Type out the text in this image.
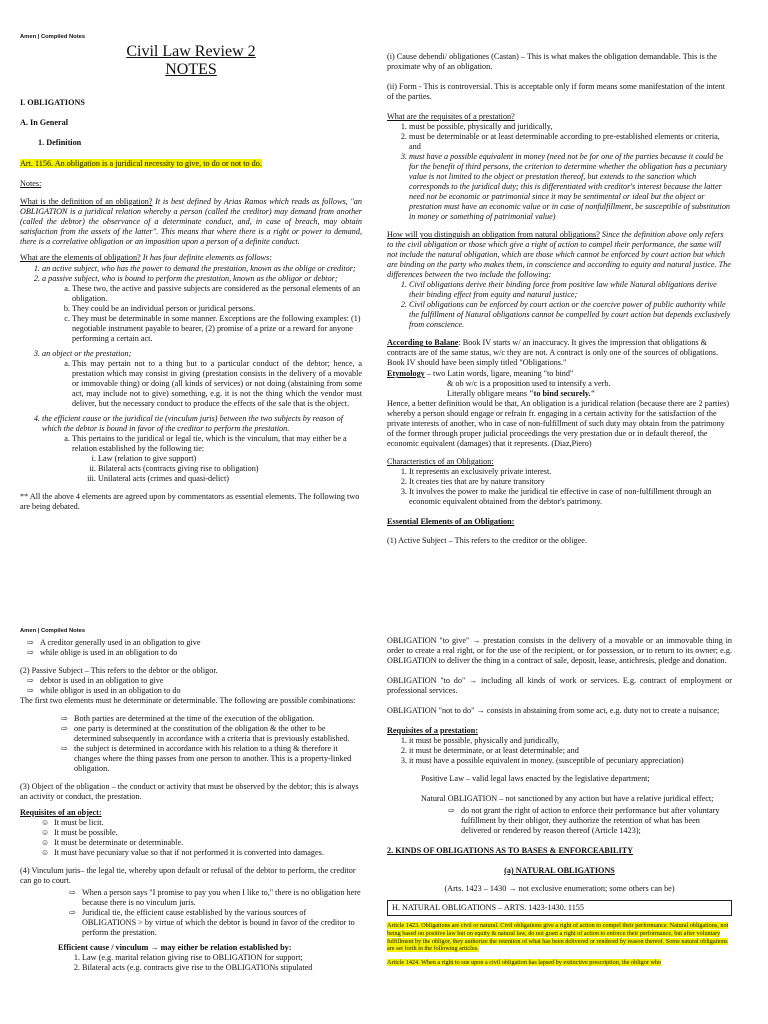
Amen | Compiled Notes

Civil Law Review 2

NOTES

I. OBLIGATIONS

A. In General

1. Definition

Art. 1156. An obligation is a juridical necessity to give, to do or not to do.

Notes:

What is the definition of an obligation? It is best defined by Arias Ramos which reads as follows, "an OBLIGATION is a juridical relation whereby a person (called the creditor) may demand from another (called the debtor) the observance of a determinate conduct, and, in case of breach, may obtain satisfaction from the assets of the latter". This means that where there is a right or power to demand, there is a correlative obligation or an imposition upon a person of a definite conduct.

What are the elements of obligation? It has four definite elements as follows:

1. an active subject, who has the power to demand the prestation, known as the oblige or creditor;
2. a passive subject, who is bound to perform the prestation, known as the obligor or debtor;
a. These two, the active and passive subjects are considered as the personal elements of an obligation.
b. They could be an individual person or juridical persons.
c. They must be determinable in some manner. Exceptions are the following examples: (1) negotiable instrument payable to bearer, (2) promise of a prize or a reward for anyone performing a certain act.
3. an object or the prestation;
a. This may pertain not to a thing but to a particular conduct of the debtor; hence, a prestation which may consist in giving (prestation consists in the delivery of a movable or immovable thing) or doing (all kinds of services) or not doing (abstaining from some act, may include not to give) something, e.g. it is not the thing which the vendor must deliver, but the necessary conduct to produce the effects of the sale that is the object.
4. the efficient cause or the juridical tie (vinculum juris) between the two subjects by reason of which the debtor is bound in favor of the creditor to perform the prestation.
a. This pertains to the juridical or legal tie, which is the vinculum, that may either be a relation established by the following tie:
i. Law (relation to give support)
ii. Bilateral acts (contracts giving rise to obligation)
iii. Unilateral acts (crimes and quasi-delict)

** All the above 4 elements are agreed upon by commentators as essential elements. The following two are being debated.

(i) Cause debendi/ obligationes (Castan) – This is what makes the obligation demandable. This is the proximate why of an obligation.

(ii) Form - This is controversial. This is acceptable only if form means some manifestation of the intent of the parties.

What are the requisites of a prestation?

1. must be possible, physically and juridically,
2. must be determinable or at least determinable according to pre-established elements or criteria, and
3. must have a possible equivalent in money (need not be for one of the parties because it could be for the benefit of third persons, the criterion to determine whether the obligation has a pecuniary value is not limited to the object or prestation thereof, but extends to the sanction which corresponds to the juridical duty; this is differentiated with creditor's interest because the latter need not be economic or patrimonial since it may be sentimental or ideal but the object or prestation must have an economic value or in case of nonfulfillment, be susceptible of substitution in money or something of patrimonial value)

How will you distinguish an obligation from natural obligations? Since the definition above only refers to the civil obligation or those which give a right of action to compel their performance, the same will not include the natural obligation, which are those which cannot be enforced by court action but which are binding on the party who makes them, in conscience and according to equity and natural justice. The differences between the two include the following:

1. Civil obligations derive their binding force from positive law while Natural obligations derive their binding effect from equity and natural justice;
2. Civil obligations can be enforced by court action or the coercive power of public authority while the fulfillment of Natural obligations cannot be compelled by court action but depends exclusively from conscience.

According to Balane: Book IV starts w/ an inaccuracy. It gives the impression that obligations & contracts are of the same status, w/c they are not. A contract is only one of the sources of obligations. Book IV should have been simply titled "Obligations."

Etymology – two Latin words, ligare, meaning "to bind"

& ob w/c is a proposition used to intensify a verb.

Literally obligare means "to bind securely."

Hence, a better definition would be that, An obligation is a juridical relation (because there are 2 parties) whereby a person should engage or refrain fr. engaging in a certain activity for the satisfaction of the private interests of another, who in case of non-fulfillment of such duty may obtain from the patrimony of the former through proper judicial proceedings the very prestation due or in default thereof, the economic equivalent (damages) that it represents. (Diaz,Piero)

Characteristics of an Obligation:

1. It represents an exclusively private interest.
2. It creates ties that are by nature transitory
3. It involves the power to make the juridical tie effective in case of non-fulfillment through an economic equivalent obtained from the debtor's patrimony.

Essential Elements of an Obligation:

(1) Active Subject – This refers to the creditor or the obligee.

Amen | Compiled Notes
⇨ A creditor generally used in an obligation to give
⇨ while oblige is used in an obligation to do

(2) Passive Subject – This refers to the debtor or the obligor.

⇨ debtor is used in an obligation to give
⇨ while obligor is used in an obligation to do

The first two elements must be determinate or determinable. The following are possible combinations:

⇨ Both parties are determined at the time of the execution of the obligation.
⇨ one party is determined at the constitution of the obligation & the other to be determined subsequently in accordance with a criteria that is previously established.
⇨ the subject is determined in accordance with his relation to a thing & therefore it changes where the thing passes from one person to another. This is a property-linked obligation.

(3) Object of the obligation – the conduct or activity that must be observed by the debtor; this is always an activity or conduct, the prestation.

Requisites of an object:

☺ It must be licit.
☺ It must be possible.
☺ It must be determinate or determinable.
☺ It must have pecuniary value so that if not performed it is converted into damages.

(4) Vinculum juris– the legal tie, whereby upon default or refusal of the debtor to perform, the creditor can go to court.

⇨ When a person says "I promise to pay you when I like to," there is no obligation here because there is no vinculum juris.
⇨ Juridical tie, the efficient cause established by the various sources of OBLIGATIONS > by virtue of which the debtor is bound in favor of the creditor to perform the prestation.

Efficient cause / vinculum → may either be relation established by:

1. Law (e.g. marital relation giving rise to OBLIGATION for support;
2. Bilateral acts (e.g. contracts give rise to the OBLIGATIONs stipulated

OBLIGATION "to give" → prestation consists in the delivery of a movable or an immovable thing in order to create a real right, or for the use of the recipient, or for possession, or to return to its owner; e.g. OBLIGATION to deliver the thing in a contract of sale, deposit, lease, antichresis, pledge and donation.

OBLIGATION "to do" → including all kinds of work or services. E.g. contract of employment or professional services.

OBLIGATION "not to do" → consists in abstaining from some act, e.g. duty not to create a nuisance;

Requisites of a prestation:

1. it must be possible, physically and juridically,
2. it must be determinate, or at least determinable; and
3. it must have a possible equivalent in money. (susceptible of pecuniary appreciation)

Positive Law – valid legal laws enacted by the legislative department;

Natural OBLIGATION – not sanctioned by any action but have a relative juridical effect;

⇨ do not grant the right of action to enforce their performance but after voluntary fulfillment by their obligor, they authorize the retention of what has been delivered or rendered by reason thereof (Article 1423);

2. KINDS OF OBLIGATIONS AS TO BASES & ENFORCEABILITY

(a) NATURAL OBLIGATIONS

(Arts. 1423 – 1430 → not exclusive enumeration; some others can be)

H. NATURAL OBLIGATIONS – ARTS. 1423-1430. 1155

Article 1423. Obligations are civil or natural. Civil obligations give a right of action to compel their performance. Natural obligations, not being based on positive law but on equity & natural law, do not grant a right of action to enforce their performance, but after voluntary fulfillment by the obligor, they authorize the retention of what has been delivered or rendered by reason thereof. Some natural obligations are set forth in the following articles.

Article 1424. When a right to sue upon a civil obligation has lapsed by extinctive prescription, the obligor who
